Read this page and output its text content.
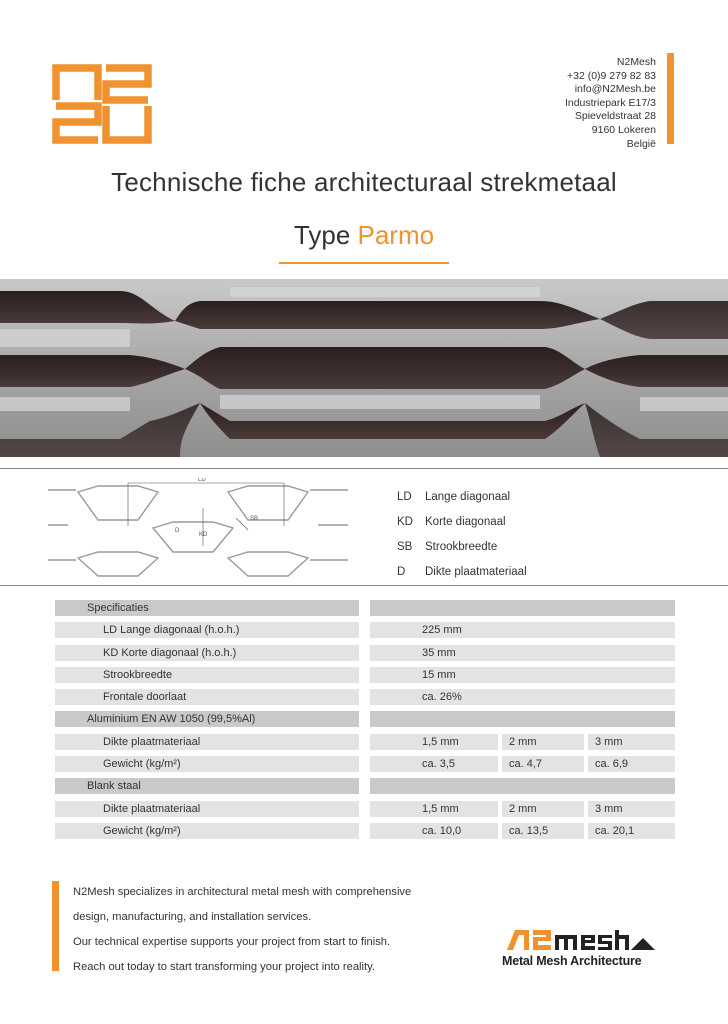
N2Mesh
+32 (0)9 279 82 83
info@N2Mesh.be
Industriepark E17/3
Spieveldstraat 28
9160 Lokeren
België
Technische fiche architecturaal strekmetaal
Type Parmo
LD
KD
SB
D
LD	Lange diagonaal
KD	Korte diagonaal
SB	Strookbreedte
D	Dikte plaatmateriaal
Specificaties
LD Lange diagonaal (h.o.h.)	225 mm
KD Korte diagonaal (h.o.h.)	35 mm
Strookbreedte	15 mm
Frontale doorlaat	ca. 26%
Aluminium EN AW 1050 (99,5%Al)
Dikte plaatmateriaal	1,5 mm	2 mm	3 mm
Gewicht (kg/m²)	ca. 3,5	ca. 4,7	ca. 6,9
Blank staal
Dikte plaatmateriaal	1,5 mm	2 mm	3 mm
Gewicht (kg/m²)	ca. 10,0	ca. 13,5	ca. 20,1
N2Mesh specializes in architectural metal mesh with comprehensive
design, manufacturing, and installation services.
Our technical expertise supports your project from start to finish.
Reach out today to start transforming your project into reality.	Metal Mesh Architecture
